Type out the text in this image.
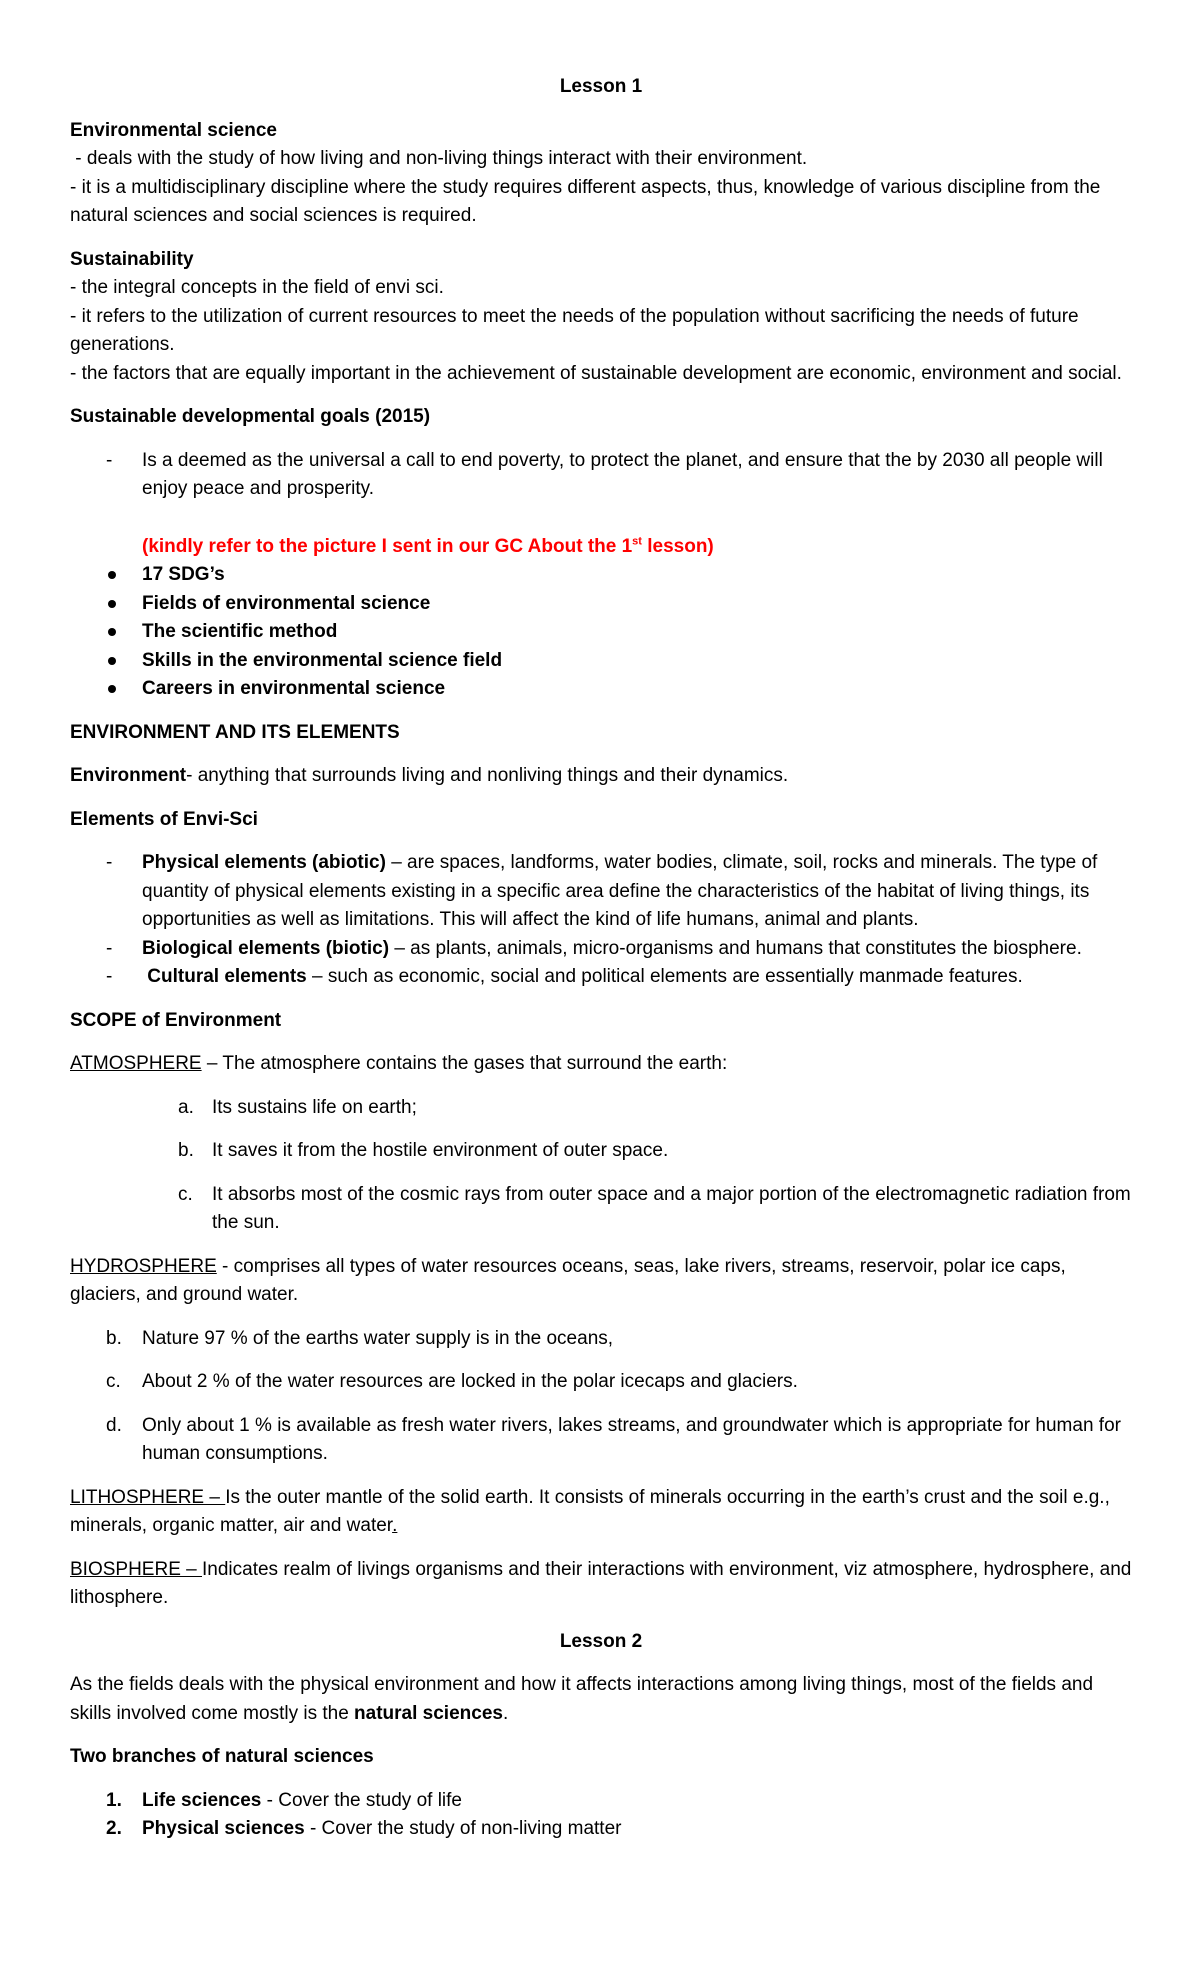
Lesson 1

Environmental science

- deals with the study of how living and non-living things interact with their environment.

- it is a multidisciplinary discipline where the study requires different aspects, thus, knowledge of various discipline from the natural sciences and social sciences is required.

Sustainability

- the integral concepts in the field of envi sci.

- it refers to the utilization of current resources to meet the needs of the population without sacrificing the needs of future generations.

- the factors that are equally important in the achievement of sustainable development are economic, environment and social.

Sustainable developmental goals (2015)

- Is a deemed as the universal a call to end poverty, to protect the planet, and ensure that the by 2030 all people will enjoy peace and prosperity.

(kindly refer to the picture I sent in our GC About the 1st lesson)

17 SDG’s
Fields of environmental science
The scientific method
Skills in the environmental science field
Careers in environmental science

ENVIRONMENT AND ITS ELEMENTS

Environment- anything that surrounds living and nonliving things and their dynamics.

Elements of Envi-Sci

- Physical elements (abiotic) – are spaces, landforms, water bodies, climate, soil, rocks and minerals. The type of quantity of physical elements existing in a specific area define the characteristics of the habitat of living things, its opportunities as well as limitations. This will affect the kind of life humans, animal and plants.
- Biological elements (biotic) – as plants, animals, micro-organisms and humans that constitutes the biosphere.
- Cultural elements – such as economic, social and political elements are essentially manmade features.

SCOPE of Environment

ATMOSPHERE – The atmosphere contains the gases that surround the earth:

a. Its sustains life on earth;
b. It saves it from the hostile environment of outer space.
c. It absorbs most of the cosmic rays from outer space and a major portion of the electromagnetic radiation from the sun.

HYDROSPHERE - comprises all types of water resources oceans, seas, lake rivers, streams, reservoir, polar ice caps, glaciers, and ground water.

b. Nature 97 % of the earths water supply is in the oceans,
c. About 2 % of the water resources are locked in the polar icecaps and glaciers.
d. Only about 1 % is available as fresh water rivers, lakes streams, and groundwater which is appropriate for human for human consumptions.

LITHOSPHERE – Is the outer mantle of the solid earth. It consists of minerals occurring in the earth’s crust and the soil e.g., minerals, organic matter, air and water.

BIOSPHERE – Indicates realm of livings organisms and their interactions with environment, viz atmosphere, hydrosphere, and lithosphere.

Lesson 2

As the fields deals with the physical environment and how it affects interactions among living things, most of the fields and skills involved come mostly is the natural sciences.

Two branches of natural sciences

1. Life sciences - Cover the study of life
2. Physical sciences - Cover the study of non-living matter
